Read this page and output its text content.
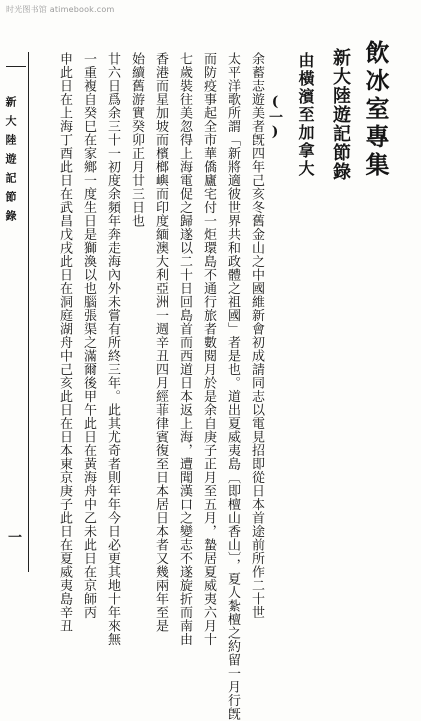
时光图书馆 atimebook.com
飲冰室專集
新大陸遊記節錄
由橫濱至加拿大
(一)
余蓄志遊美者旣四年己亥冬舊金山之中國維新會初成請同志以電見招即從日本首途前所作二十世
太平洋歌所謂「新將適彼世界共和政體之祖國」者是也。道出夏威夷島〔即檀山香山〕，夏人紮檀之約留一月行旣
而防疫事起全市華僑廬宅付一炬環島不通行旅者數閱月於是余自庚子正月至五月，蟄居夏威夷六月十
七歲裝往美忽得上海電促之歸遂以二十日回島首而西道日本返上海，遭聞漢口之變志不遂旋折而南由
香港而星加坡而檳榔嶼而印度緬澳大利亞洲一週辛丑四月經菲律賓復至日本居日本者又幾兩年至是
始續舊游實癸卯正月廿三日也
廿六日爲余三十一初度余頻年奔走海內外未嘗有所終三年。此其尤奇者則年年今日必更其地十年來無
一重複自癸巳在家鄉一度生日是獅渙以也腦張渠之滿爾後甲午此日在黃海舟中乙未此日在京師丙
申此日在上海丁酉此日在武昌戊戌此日在洞庭湖舟中己亥此日在日本東京庚子此日在夏威夷島辛丑
新大陸遊記節錄
一
